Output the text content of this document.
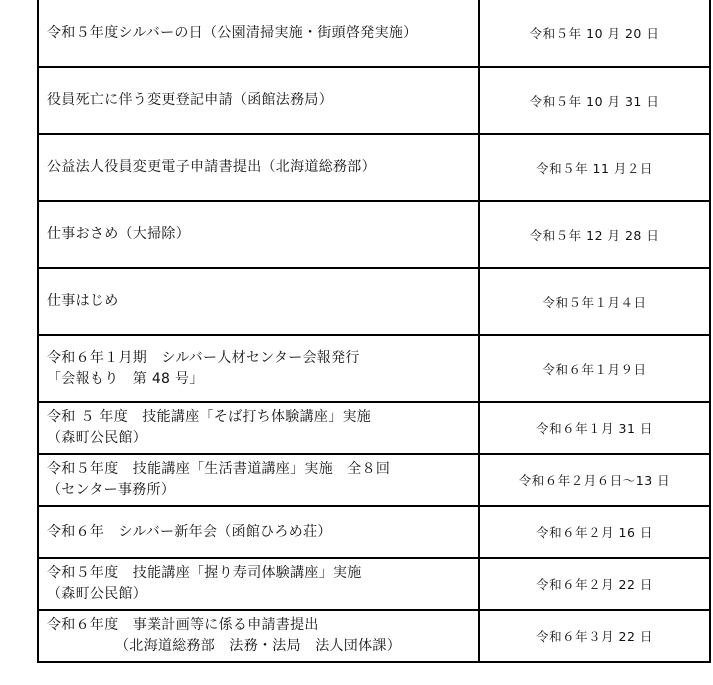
令和５年度シルバーの日（公園清掃実施・街頭啓発実施）	令和５年 10 月 20 日

役員死亡に伴う変更登記申請（函館法務局）	令和５年 10 月 31 日

公益法人役員変更電子申請書提出（北海道総務部）	令和５年 11 月２日

仕事おさめ（大掃除）	令和５年 12 月 28 日

仕事はじめ	令和５年１月４日

令和６年１月期　シルバー人材センター会報発行
「会報もり　第 48 号」	令和６年１月９日

令和 ５ 年度　技能講座「そば打ち体験講座」実施
（森町公民館）	令和６年１月 31 日

令和５年度　技能講座「生活書道講座」実施　全８回
（センター事務所）	令和６年２月６日～13 日

令和６年　シルバー新年会（函館ひろめ荘）	令和６年２月 16 日

令和５年度　技能講座「握り寿司体験講座」実施
（森町公民館）	令和６年２月 22 日

令和６年度　事業計画等に係る申請書提出
（北海道総務部　法務・法局　法人団体課）	令和６年３月 22 日
